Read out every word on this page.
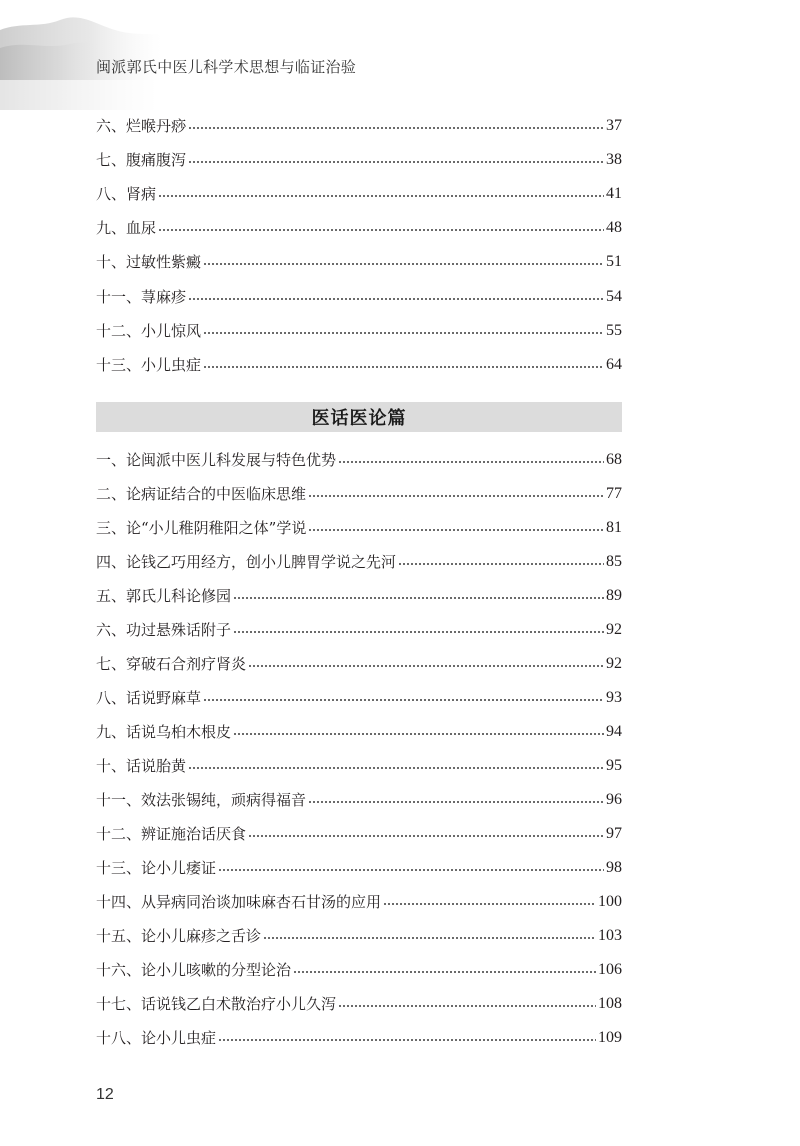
闽派郭氏中医儿科学术思想与临证治验
六、烂喉丹痧	37
七、腹痛腹泻	38
八、肾病	41
九、血尿	48
十、过敏性紫癜	51
十一、荨麻疹	54
十二、小儿惊风	55
十三、小儿虫症	64
医话医论篇
一、论闽派中医儿科发展与特色优势	68
二、论病证结合的中医临床思维	77
三、论“小儿稚阴稚阳之体”学说	81
四、论钱乙巧用经方，创小儿脾胃学说之先河	85
五、郭氏儿科论修园	89
六、功过悬殊话附子	92
七、穿破石合剂疗肾炎	92
八、话说野麻草	93
九、话说乌桕木根皮	94
十、话说胎黄	95
十一、效法张锡纯，顽病得福音	96
十二、辨证施治话厌食	97
十三、论小儿痿证	98
十四、从异病同治谈加味麻杏石甘汤的应用	100
十五、论小儿麻疹之舌诊	103
十六、论小儿咳嗽的分型论治	106
十七、话说钱乙白术散治疗小儿久泻	108
十八、论小儿虫症	109
12
